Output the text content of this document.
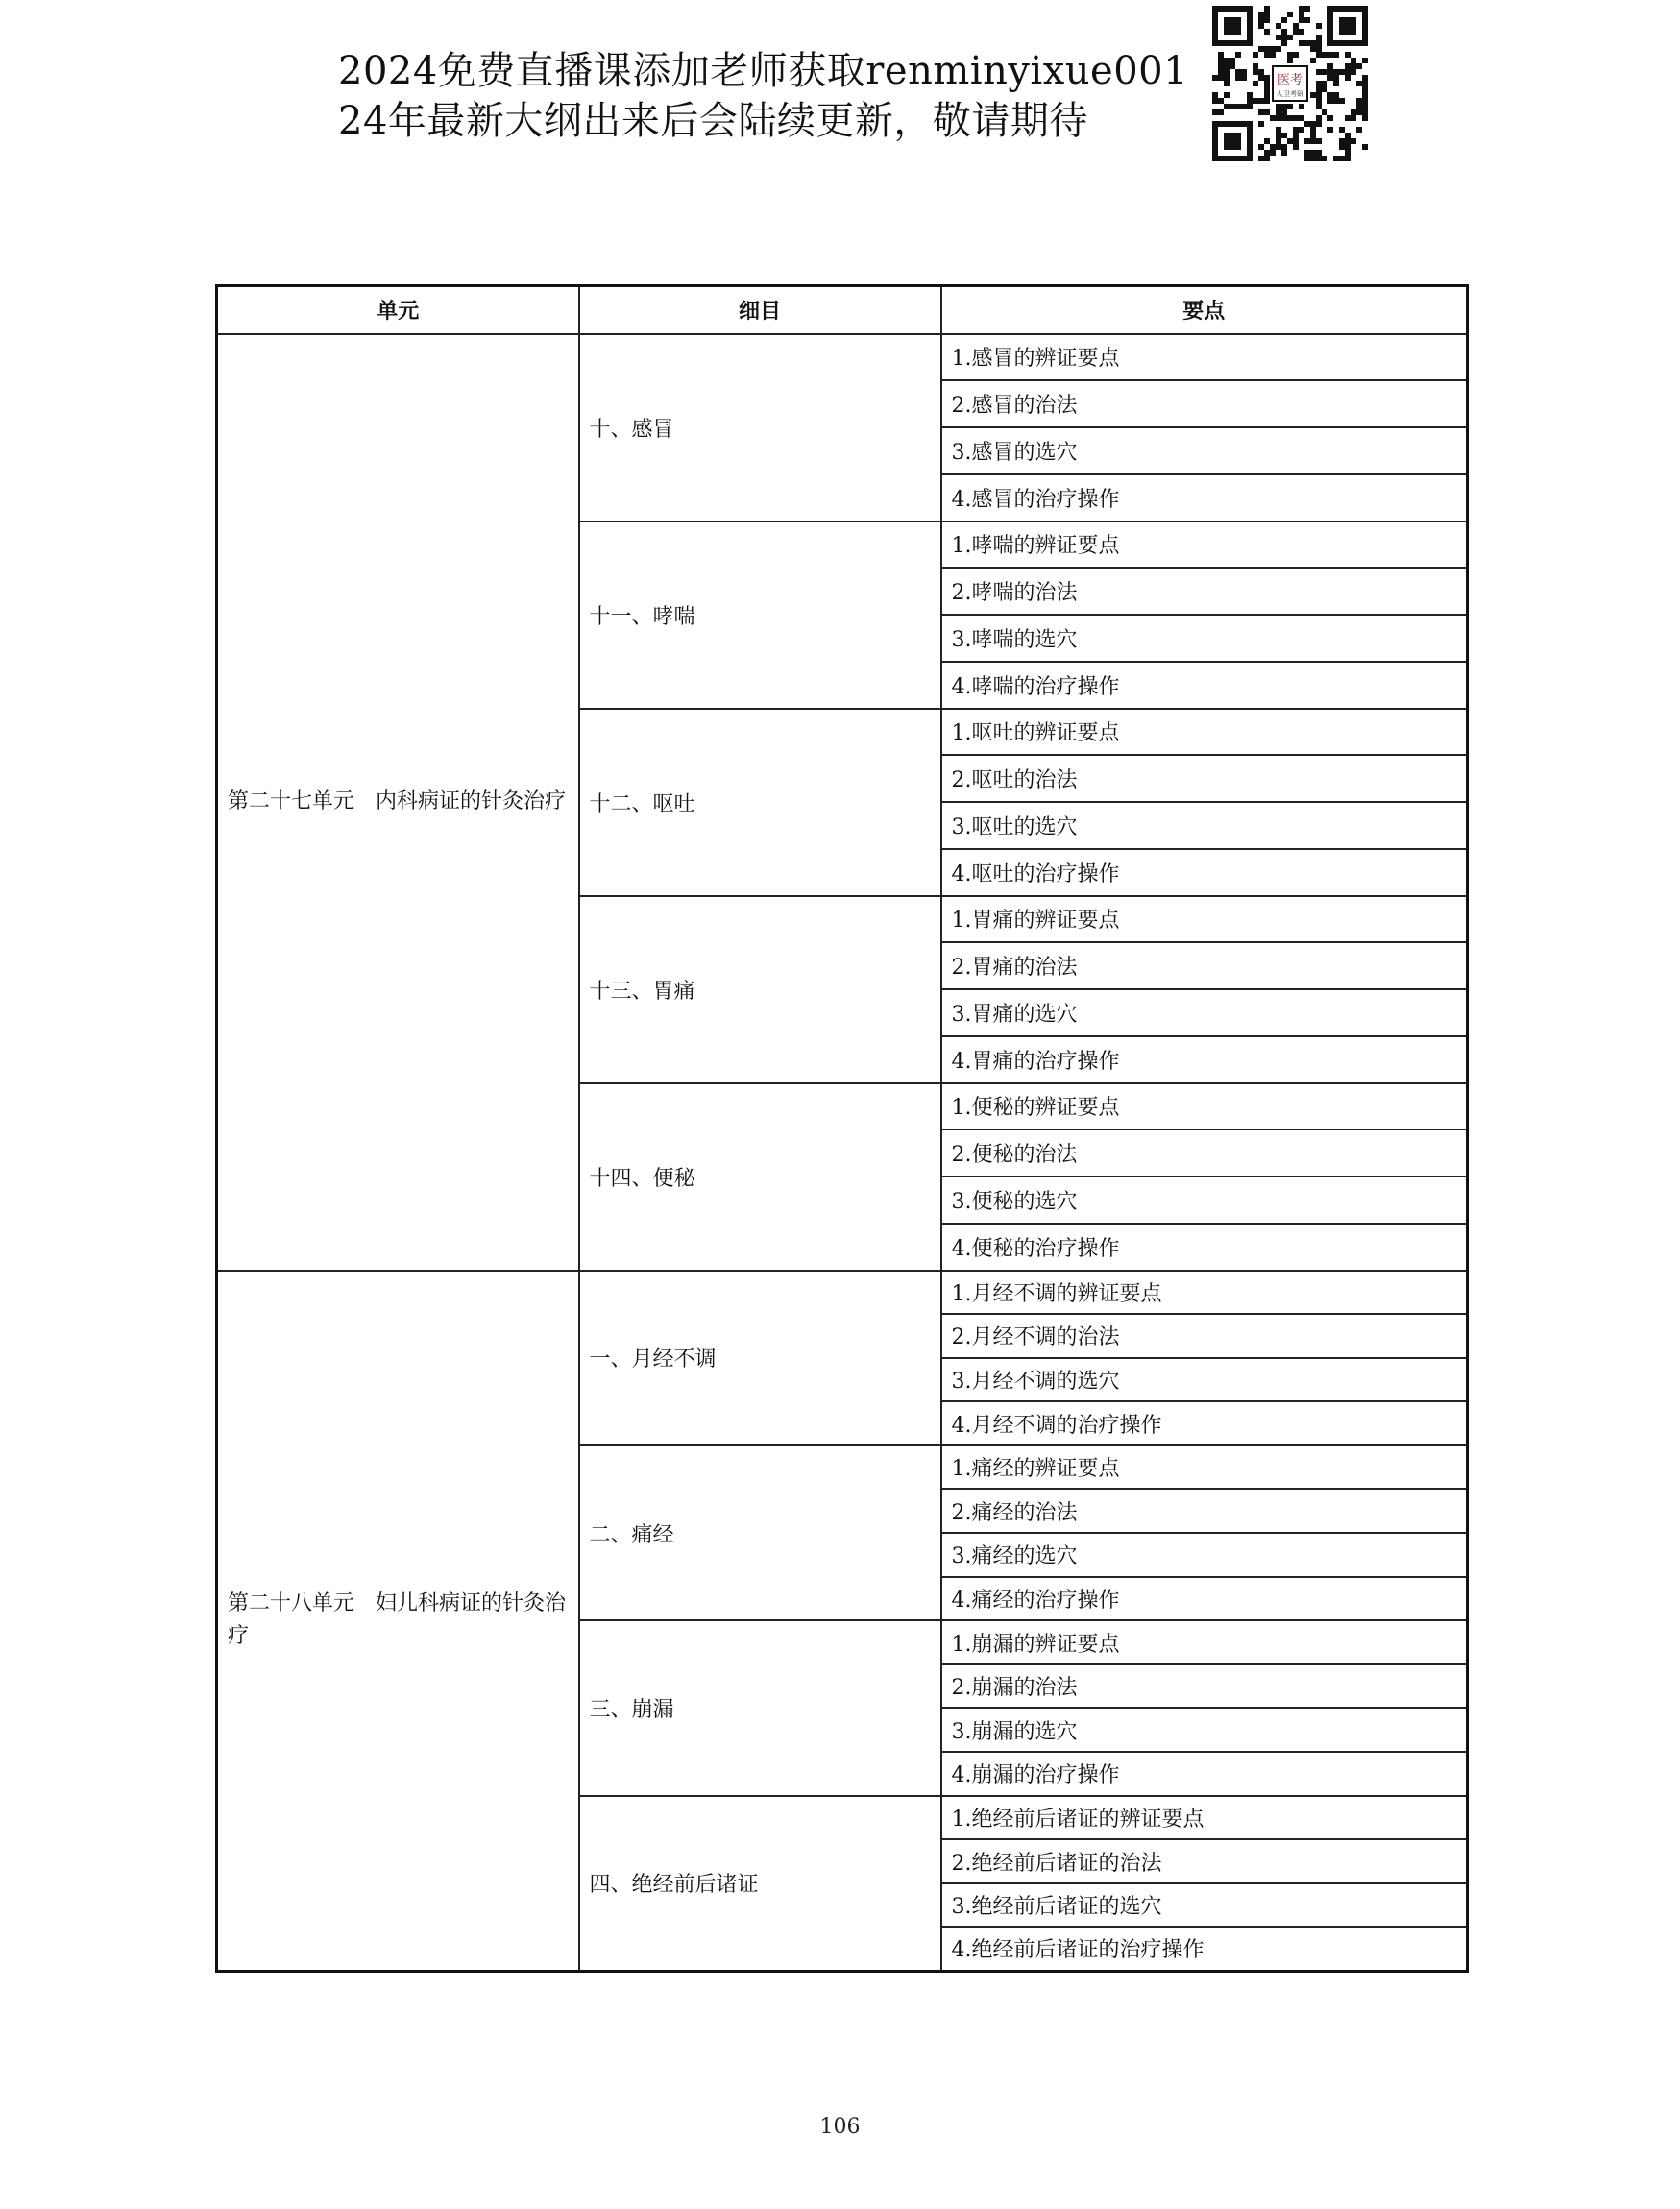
2024免费直播课添加老师获取renminyixue001
24年最新大纲出来后会陆续更新，敬请期待
医考
人卫考研
单元	细目	要点
第二十七单元　内科病证的针灸治疗	十、感冒	1.感冒的辨证要点
		2.感冒的治法
		3.感冒的选穴
		4.感冒的治疗操作
	十一、哮喘	1.哮喘的辨证要点
		2.哮喘的治法
		3.哮喘的选穴
		4.哮喘的治疗操作
	十二、呕吐	1.呕吐的辨证要点
		2.呕吐的治法
		3.呕吐的选穴
		4.呕吐的治疗操作
	十三、胃痛	1.胃痛的辨证要点
		2.胃痛的治法
		3.胃痛的选穴
		4.胃痛的治疗操作
	十四、便秘	1.便秘的辨证要点
		2.便秘的治法
		3.便秘的选穴
		4.便秘的治疗操作
第二十八单元　妇儿科病证的针灸治疗	一、月经不调	1.月经不调的辨证要点
		2.月经不调的治法
		3.月经不调的选穴
		4.月经不调的治疗操作
	二、痛经	1.痛经的辨证要点
		2.痛经的治法
		3.痛经的选穴
		4.痛经的治疗操作
	三、崩漏	1.崩漏的辨证要点
		2.崩漏的治法
		3.崩漏的选穴
		4.崩漏的治疗操作
	四、绝经前后诸证	1.绝经前后诸证的辨证要点
		2.绝经前后诸证的治法
		3.绝经前后诸证的选穴
		4.绝经前后诸证的治疗操作
106
